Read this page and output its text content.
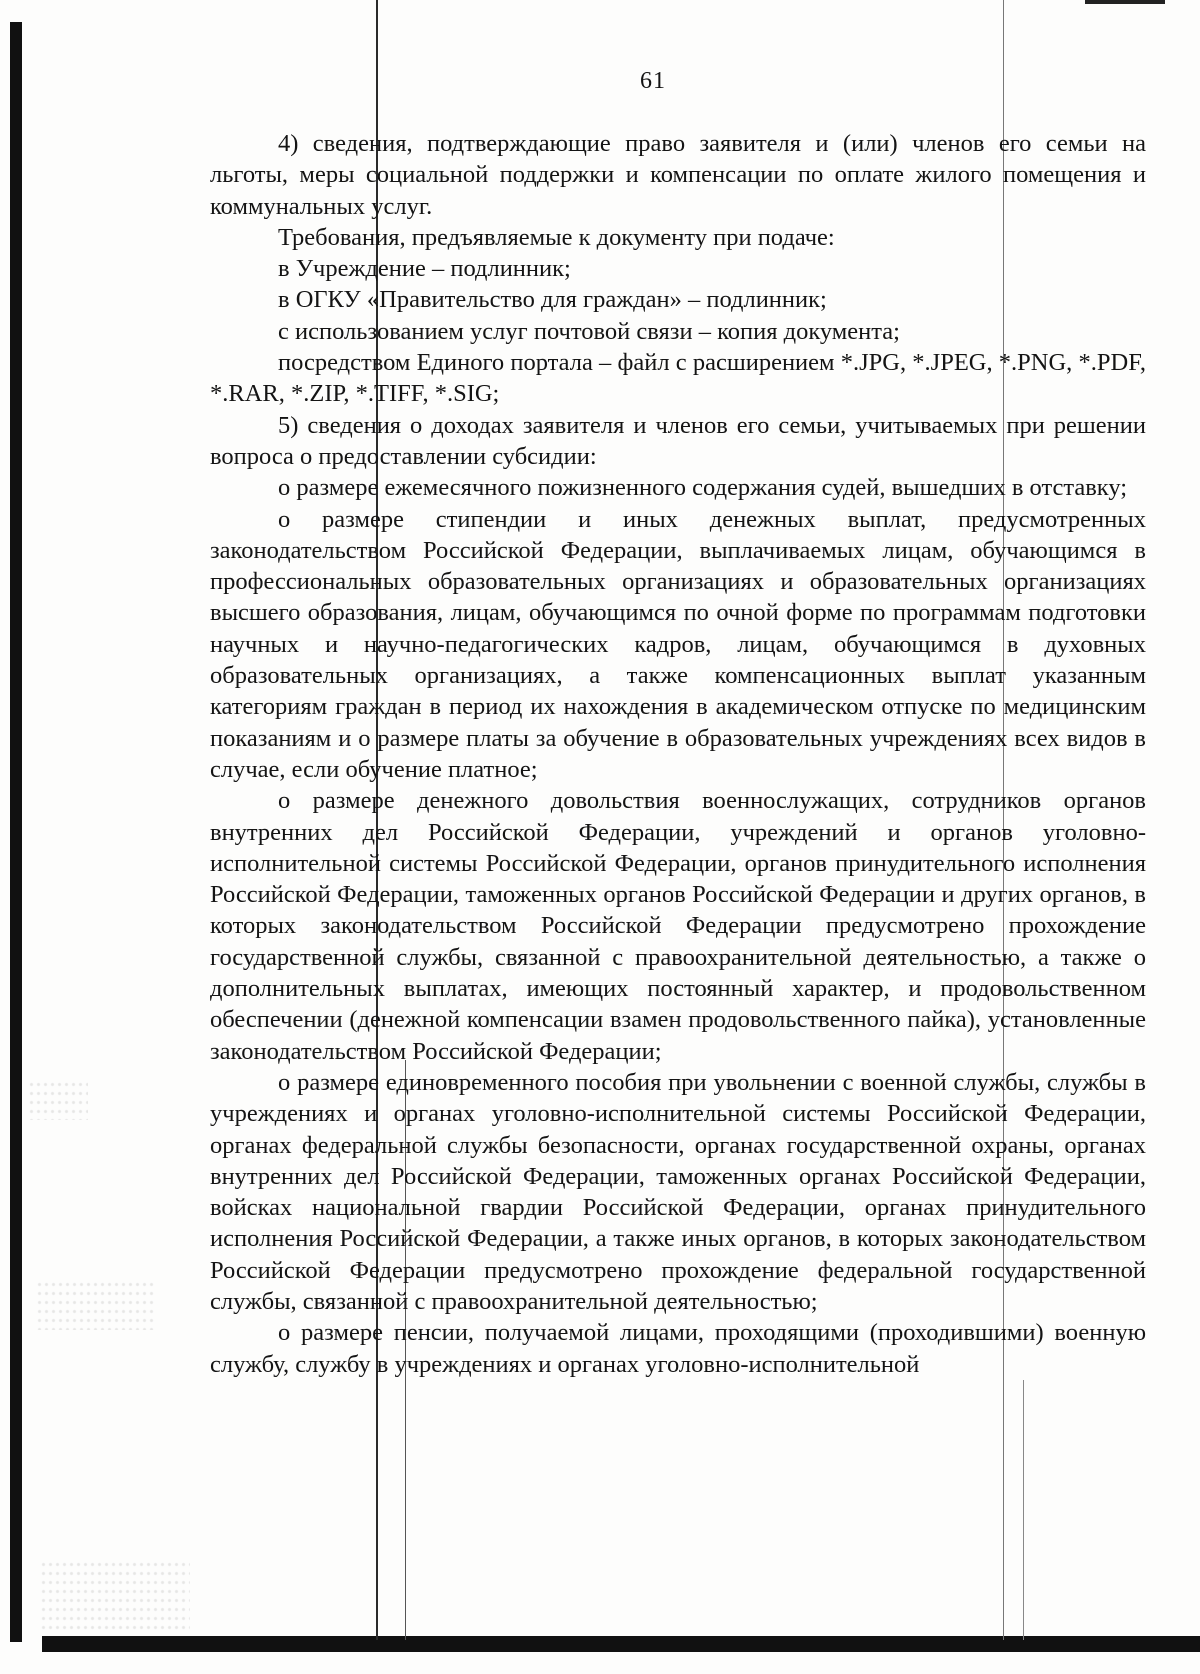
61

4) сведения, подтверждающие право заявителя и (или) членов его семьи на льготы, меры социальной поддержки и компенсации по оплате жилого помещения и коммунальных услуг.

Требования, предъявляемые к документу при подаче:

в Учреждение – подлинник;

в ОГКУ «Правительство для граждан» – подлинник;

с использованием услуг почтовой связи – копия документа;

посредством Единого портала – файл с расширением *.JPG, *.JPEG, *.PNG, *.PDF, *.RAR, *.ZIP, *.TIFF, *.SIG;

5) сведения о доходах заявителя и членов его семьи, учитываемых при решении вопроса о предоставлении субсидии:

о размере ежемесячного пожизненного содержания судей, вышедших в отставку;

о размере стипендии и иных денежных выплат, предусмотренных законодательством Российской Федерации, выплачиваемых лицам, обучающимся в профессиональных образовательных организациях и образовательных организациях высшего образования, лицам, обучающимся по очной форме по программам подготовки научных и научно-педагогических кадров, лицам, обучающимся в духовных образовательных организациях, а также компенсационных выплат указанным категориям граждан в период их нахождения в академическом отпуске по медицинским показаниям и о размере платы за обучение в образовательных учреждениях всех видов в случае, если обучение платное;

о размере денежного довольствия военнослужащих, сотрудников органов внутренних дел Российской Федерации, учреждений и органов уголовно-исполнительной системы Российской Федерации, органов принудительного исполнения Российской Федерации, таможенных органов Российской Федерации и других органов, в которых законодательством Российской Федерации предусмотрено прохождение государственной службы, связанной с правоохранительной деятельностью, а также о дополнительных выплатах, имеющих постоянный характер, и продовольственном обеспечении (денежной компенсации взамен продовольственного пайка), установленные законодательством Российской Федерации;

о размере единовременного пособия при увольнении с военной службы, службы в учреждениях и органах уголовно-исполнительной системы Российской Федерации, органах федеральной службы безопасности, органах государственной охраны, органах внутренних дел Российской Федерации, таможенных органах Российской Федерации, войсках национальной гвардии Российской Федерации, органах принудительного исполнения Российской Федерации, а также иных органов, в которых законодательством Российской Федерации предусмотрено прохождение федеральной государственной службы, связанной с правоохранительной деятельностью;

о размере пенсии, получаемой лицами, проходящими (проходившими) военную службу, службу в учреждениях и органах уголовно-исполнительной
